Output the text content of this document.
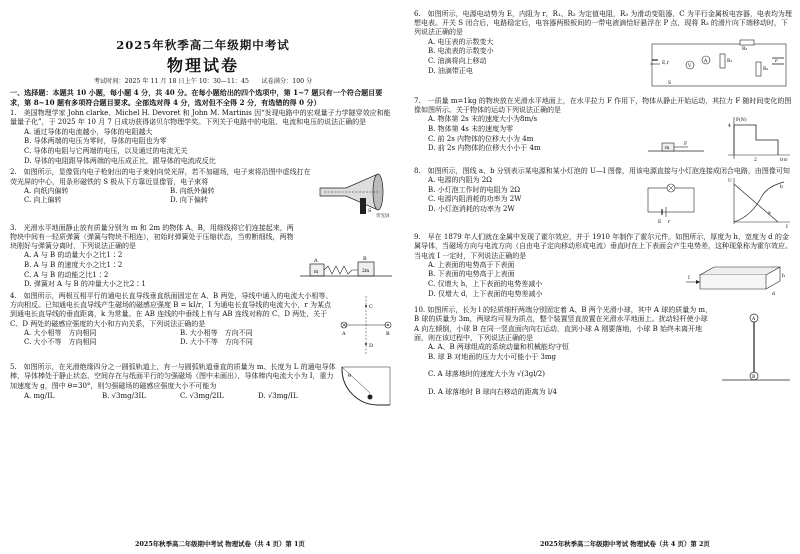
2025年秋季高二年级期中考试
物理试卷
考试时间：2025 年 11 月 18 日上午 10：30—11：45　　试卷满分：100 分
一、选择题：本题共 10 小题，每小题 4 分，共 40 分。在每小题给出的四个选项中，第 1~7 题只有一个符合题目要求，第 8~10 题有多项符合题目要求。全部选对得 4 分，选对但不全得 2 分，有选错的得 0 分）
1.　美国物理学家 John clarke、Michel H. Devoret 和 John M. Martinis 因“发现电路中的宏观量子力学隧穿效应和能量量子化”，于 2025 年 10 月 7 日成功获得诺贝尔物理学奖。下列关于电路中的电阻、电流和电压的说法正确的是
A. 通过导体的电流越小，导体的电阻越大
B. 导体两端的电压为零时，导体的电阻也为零
C. 导体的电阻与它两端的电压，以及通过的电流无关
D. 导体的电阻跟导体两端的电压成正比，跟导体的电流成反比
2.　如图所示，显像管内电子枪射出的电子束射向荧光屏，若不加磁场，电子束将沿图中虚线打在荧光屏的中心，用条形磁铁的 S 极从下方靠近显像管，电子束将
A. 向纸内偏转	B. 向纸外偏转
C. 向上偏转	D. 向下偏转
S
荧光屏
3.　光滑水平地面静止放有质量分别为 m 和 2m 的物体 A、B，用细线将它们连接起来，两物块中间有一轻质弹簧（弹簧与物块不相连），初始时弹簧处于压缩状态，当剪断细线，两物块刚好与弹簧分离时，下列说法正确的是
A. A 与 B 的动量大小之比1∶2
B. A 与 B 的速度大小之比1∶2
C. A 与 B 的动能之比1∶2
D. 弹簧对 A 与 B 的冲量大小之比2∶1
A	B
m	2m
4.　如图所示，两根互相平行的通电长直导线垂直纸面固定在 A、B 两处，导线中通入的电流大小相等、方向相反。已知通电长直导线产生磁场的磁感应强度 B = kI/r，I 为通电长直导线的电流大小，r 为某点到通电长直导线的垂直距离，k 为常量。在 AB 连线的中垂线上有与 AB 连线对称的 C、D 两处，关于 C、D 两处的磁感应强度的大小和方向关系，下列说法正确的是
A. 大小相等　方向相同	B. 大小相等　方向不同
C. 大小不等　方向相同	D. 大小不等　方向不同
A	B
C
D
5.　如图所示，在光滑绝缘四分之一圆弧轨道上，有一与圆弧轨道垂直的质量为 m、长度为 L 的通电导体棒，导体棒处于静止状态，空间存在与纸面平行的匀强磁场（图中未画出），导体棒内电流大小为 I，重力加速度为 g，图中 θ=30°，则匀强磁场的磁感应强度大小不可能为
A. mg/IL	B. √3mg/3IL	C. √3mg/2IL	D. √3mg/IL
θ
6.　如图所示，电源电动势为 E，内阻为 r，R₁、R₂ 为定值电阻，R₃ 为滑动变阻器，C 为平行金属板电容器，电表均为理想电表。开关 S 闭合后，电路稳定后，电容器两极板间的一带电液滴恰好悬浮在 P 点，现将 R₃ 的滑片向下端移动时，下列说法正确的是
A. 电压表的示数变大
B. 电流表的示数变小
C. 油滴将向上移动
D. 油滴带正电
E,r
V
A	R₁
R₃
R₂
P
S
7.　一质量 m=1kg 的物块放在光滑水平地面上，在水平拉力 F 作用下，物体从静止开始运动，其拉力 F 随时间变化的图像如图所示。关于物体的运动下列说法正确的是
A. 物体第 2s 末的速度大小为8m/s
B. 物体第 4s 末的速度为零
C. 前 2s 内物体的位移大小为 4m
D. 前 2s 内物体的位移大小小于 4m	m
F
F(N)
t(s)
4
2
8.　如图所示，图线 a、b 分别表示某电源和某小灯泡的 U—I 图像，用该电源直接与小灯泡连接成闭合电路，由图像可知
A. 电源的内阻为 2Ω
B. 小灯泡工作时的电阻为 2Ω
C. 电源内阻消耗的功率为 2W
D. 小灯泡消耗的功率为 2W
E r
U
I
a
b
9.　早在 1879 年人们就在金属中发现了霍尔效应，并于 1910 年制作了霍尔元件。如图所示，厚度为 h，宽度为 d 的金属导体，当磁场方向与电流方向（自由电子定向移动形成电流）垂直时在上下表面会产生电势差，这种现象称为霍尔效应。当电流 I 一定时，下列说法正确的是
A. 上表面的电势高于下表面
B. 下表面的电势高于上表面
C. 仅增大 h，上下表面的电势差减小
D. 仅增大 d，上下表面的电势差减小
I	h
d
10. 如图所示，长为 l 的轻质细杆两端分别固定着 A、B 两个光滑小球，其中 A 球的质量为 m，B 球的质量为 3m，两球均可视为质点，整个装置竖直放置在光滑水平地面上。扰动轻杆使小球 A 向左倾倒，小球 B 在同一竖直面内向右运动，直到小球 A 刚要落地，小球 B 始终未离开地面，则在该过程中，下列说法正确的是
A. A、B 两球组成的系统动量和机械能均守恒
B. 球 B 对地面的压力大小可能小于 3mg
C. A 球落地时的速度大小为 √(3gl/2)
D. A 球落地时 B 球向右移动的距离为 l/4
A
B
2025年秋季高二年级期中考试 物理试卷（共 4 页）第 1页	2025年秋季高二年级期中考试 物理试卷（共 4 页）第 2页
